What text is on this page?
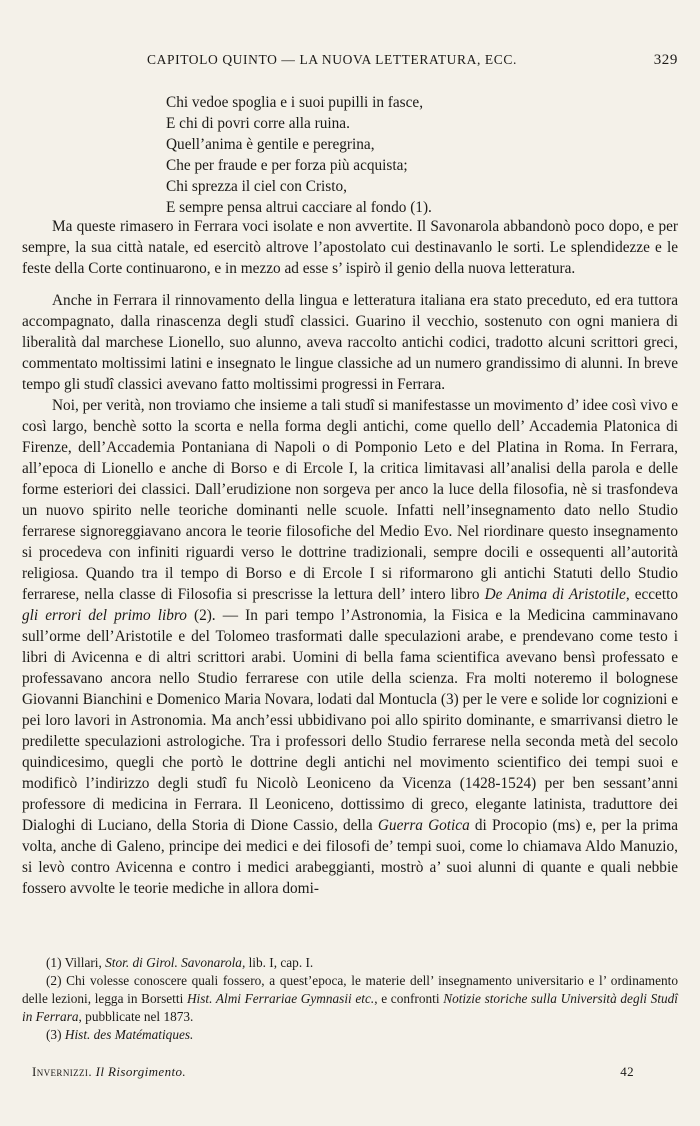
CAPITOLO QUINTO — LA NUOVA LETTERATURA, ECC.	329
Chi vedoe spoglia e i suoi pupilli in fasce,
E chi di povri corre alla ruina.
Quell’anima è gentile e peregrina,
Che per fraude e per forza più acquista;
Chi sprezza il ciel con Cristo,
E sempre pensa altrui cacciare al fondo (1).

Ma queste rimasero in Ferrara voci isolate e non avvertite. Il Savonarola abbandonò poco dopo, e per sempre, la sua città natale, ed esercitò altrove l’apostolato cui destinavanlo le sorti. Le splendidezze e le feste della Corte continuarono, e in mezzo ad esse s’ ispirò il genio della nuova letteratura.

Anche in Ferrara il rinnovamento della lingua e letteratura italiana era stato preceduto, ed era tuttora accompagnato, dalla rinascenza degli studî classici. Guarino il vecchio, sostenuto con ogni maniera di liberalità dal marchese Lionello, suo alunno, aveva raccolto antichi codici, tradotto alcuni scrittori greci, commentato moltissimi latini e insegnato le lingue classiche ad un numero grandissimo di alunni. In breve tempo gli studî classici avevano fatto moltissimi progressi in Ferrara.

Noi, per verità, non troviamo che insieme a tali studî si manifestasse un movimento d’ idee così vivo e così largo, benchè sotto la scorta e nella forma degli antichi, come quello dell’ Accademia Platonica di Firenze, dell’Accademia Pontaniana di Napoli o di Pomponio Leto e del Platina in Roma. In Ferrara, all’epoca di Lionello e anche di Borso e di Ercole I, la critica limitavasi all’analisi della parola e delle forme esteriori dei classici. Dall’erudizione non sorgeva per anco la luce della filosofia, nè si trasfondeva un nuovo spirito nelle teoriche dominanti nelle scuole. Infatti nell’insegnamento dato nello Studio ferrarese signoreggiavano ancora le teorie filosofiche del Medio Evo. Nel riordinare questo insegnamento si procedeva con infiniti riguardi verso le dottrine tradizionali, sempre docili e ossequenti all’autorità religiosa. Quando tra il tempo di Borso e di Ercole I si riformarono gli antichi Statuti dello Studio ferrarese, nella classe di Filosofia si prescrisse la lettura dell’ intero libro De Anima di Aristotile, eccetto gli errori del primo libro (2). — In pari tempo l’Astronomia, la Fisica e la Medicina camminavano sull’orme dell’Aristotile e del Tolomeo trasformati dalle speculazioni arabe, e prendevano come testo i libri di Avicenna e di altri scrittori arabi. Uomini di bella fama scientifica avevano bensì professato e professavano ancora nello Studio ferrarese con utile della scienza. Fra molti noteremo il bolognese Giovanni Bianchini e Domenico Maria Novara, lodati dal Montucla (3) per le vere e solide lor cognizioni e pei loro lavori in Astronomia. Ma anch’essi ubbidivano poi allo spirito dominante, e smarrivansi dietro le predilette speculazioni astrologiche. Tra i professori dello Studio ferrarese nella seconda metà del secolo quindicesimo, quegli che portò le dottrine degli antichi nel movimento scientifico dei tempi suoi e modificò l’indirizzo degli studî fu Nicolò Leoniceno da Vicenza (1428-1524) per ben sessant’anni professore di medicina in Ferrara. Il Leoniceno, dottissimo di greco, elegante latinista, traduttore dei Dialoghi di Luciano, della Storia di Dione Cassio, della Guerra Gotica di Procopio (ms) e, per la prima volta, anche di Galeno, principe dei medici e dei filosofi de’ tempi suoi, come lo chiamava Aldo Manuzio, si levò contro Avicenna e contro i medici arabeggianti, mostrò a’ suoi alunni di quante e quali nebbie fossero avvolte le teorie mediche in allora domi-

(1) Villari, Stor. di Girol. Savonarola, lib. I, cap. I.

(2) Chi volesse conoscere quali fossero, a quest’epoca, le materie dell’ insegnamento universitario e l’ ordinamento delle lezioni, legga in Borsetti Hist. Almi Ferrariae Gymnasii etc., e confronti Notizie storiche sulla Università degli Studî in Ferrara, pubblicate nel 1873.

(3) Hist. des Matématiques.

Invernizzi. Il Risorgimento.	42
